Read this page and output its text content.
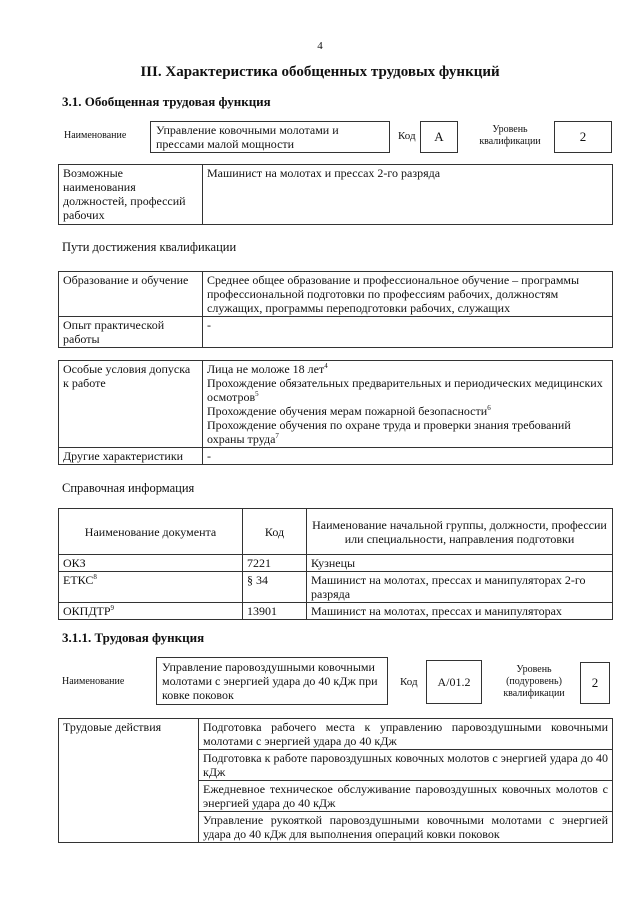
4
III. Характеристика обобщенных трудовых функций
3.1. Обобщенная трудовая функция
Наименование	Управление ковочными молотами и прессами малой мощности
Код	А	Уровень квалификации	2
Возможные наименования должностей, профессий рабочих	Машинист на молотах и прессах 2-го разряда
Пути достижения квалификации
Образование и обучение	Среднее общее образование и профессиональное обучение – программы профессиональной подготовки по профессиям рабочих, должностям служащих, программы переподготовки рабочих, служащих
Опыт практической работы	-
Особые условия допуска к работе	Лица не моложе 18 лет$^4$
Прохождение обязательных предварительных и периодических медицинских осмотров$^5$
Прохождение обучения мерам пожарной безопасности$^6$
Прохождение обучения по охране труда и проверки знания требований охраны труда$^7$

Другие характеристики	-
Справочная информация
Наименование документа	Код	Наименование начальной группы, должности, профессии или специальности, направления подготовки
ОКЗ	7221	Кузнецы
ЕТКС$^8$	§ 34	Машинист на молотах, прессах и манипуляторах 2-го разряда
ОКПДТР$^9$	13901	Машинист на молотах, прессах и манипуляторах
3.1.1. Трудовая функция
Наименование
Управление паровоздушными ковочными молотами с энергией удара до 40 кДж при ковке поковок
Код	А/01.2
Уровень (подуровень) квалификации
2
Трудовые действия	Подготовка рабочего места к управлению паровоздушными ковочными молотами с энергией удара до 40 кДж
Подготовка к работе паровоздушных ковочных молотов с энергией удара до 40 кДж
Ежедневное техническое обслуживание паровоздушных ковочных молотов с энергией удара до 40 кДж
Управление рукояткой паровоздушными ковочными молотами с энергией удара до 40 кДж для выполнения операций ковки поковок
